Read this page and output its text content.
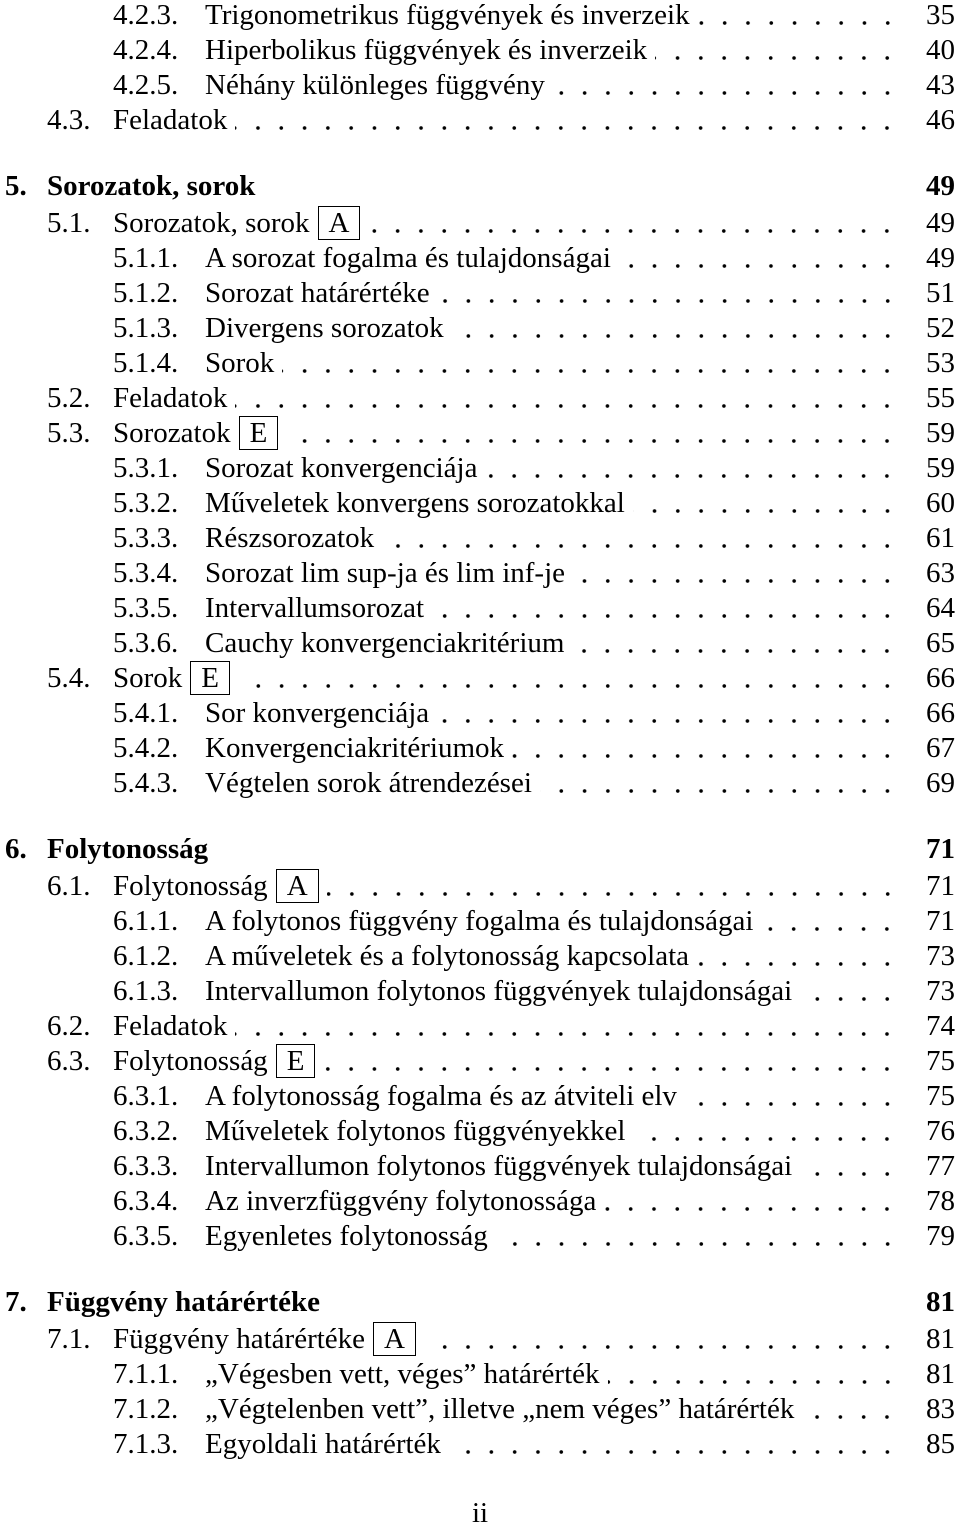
4.2.3. Trigonometrikus függvények és inverzeik	35
4.2.4. Hiperbolikus függvények és inverzeik	40
4.2.5. Néhány különleges függvény	43
4.3. Feladatok	46
5. Sorozatok, sorok	49
5.1. Sorozatok, sorok A	49
5.1.1. A sorozat fogalma és tulajdonságai	49
5.1.2. Sorozat határértéke	51
5.1.3. Divergens sorozatok	52
5.1.4. Sorok	53
5.2. Feladatok	55
5.3. Sorozatok E	59
5.3.1. Sorozat konvergenciája	59
5.3.2. Műveletek konvergens sorozatokkal	60
5.3.3. Részsorozatok	61
5.3.4. Sorozat lim sup-ja és lim inf-je	63
5.3.5. Intervallumsorozat	64
5.3.6. Cauchy konvergenciakritérium	65
5.4. Sorok E	66
5.4.1. Sor konvergenciája	66
5.4.2. Konvergenciakritériumok	67
5.4.3. Végtelen sorok átrendezései	69
6. Folytonosság	71
6.1. Folytonosság A	71
6.1.1. A folytonos függvény fogalma és tulajdonságai	71
6.1.2. A műveletek és a folytonosság kapcsolata	73
6.1.3. Intervallumon folytonos függvények tulajdonságai	73
6.2. Feladatok	74
6.3. Folytonosság E	75
6.3.1. A folytonosság fogalma és az átviteli elv	75
6.3.2. Műveletek folytonos függvényekkel	76
6.3.3. Intervallumon folytonos függvények tulajdonságai	77
6.3.4. Az inverzfüggvény folytonossága	78
6.3.5. Egyenletes folytonosság	79
7. Függvény határértéke	81
7.1. Függvény határértéke A	81
7.1.1. „Végesben vett, véges” határérték	81
7.1.2. „Végtelenben vett”, illetve „nem véges” határérték	83
7.1.3. Egyoldali határérték	85
ii
